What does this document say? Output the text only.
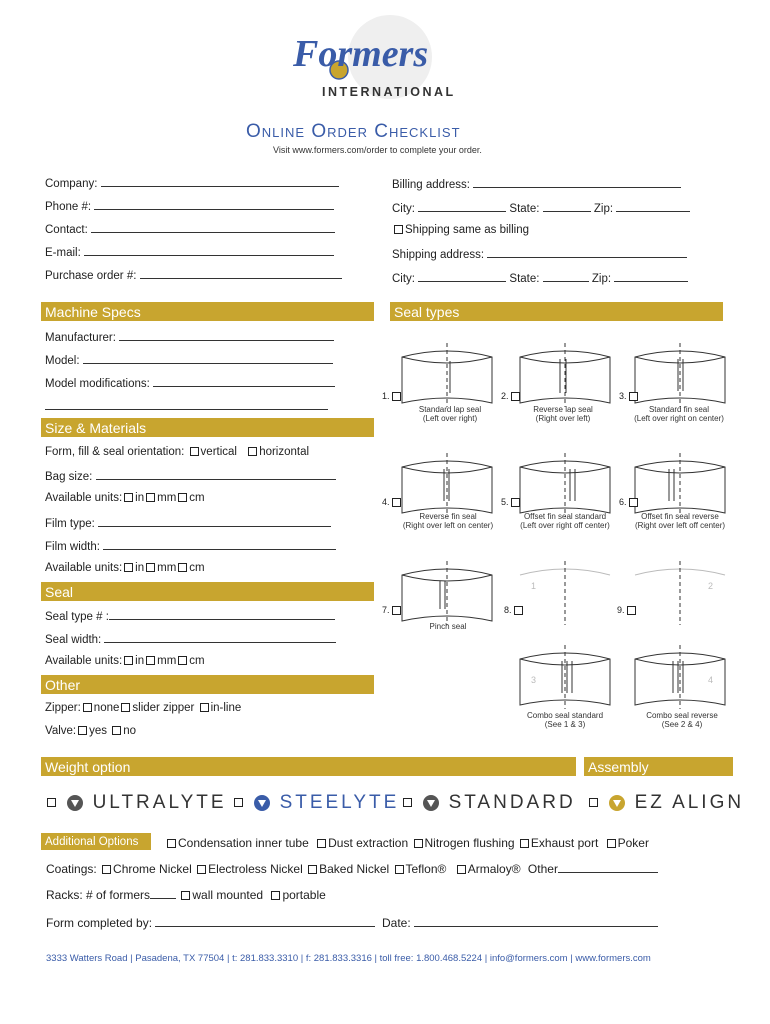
Formers
INTERNATIONAL
Online Order Checklist
Visit www.formers.com/order to complete your order.
Company:
Phone #:
Contact:
E-mail:
Purchase order #:
Billing address:
City:	State:	Zip:
Shipping same as billing
Shipping address:
City:	State:	Zip:
Machine Specs	Seal types
Manufacturer:
Model:
Model modifications:
Size & Materials
Form, fill & seal orientation: vertical horizontal
Bag size:
Available units: in mm cm
Film type:
Film width:
Available units: in mm cm
Seal
Seal type # :
Seal width:
Available units: in mm cm
Other
Zipper: none slider zipper in-line
Valve: yes no
1.	2.	3.
4.	5.	6.
7.	8.	9.
1	2
3	4
Standard lap seal
(Left over right)
Reverse lap seal
(Right over left)
Standard fin seal
(Left over right on center)
Reverse fin seal
(Right over left on center)
Offset fin seal standard
(Left over right off center)
Offset fin seal reverse
(Right over left off center)
Pinch seal
Combo seal standard
(See 1 & 3)
Combo seal reverse
(See 2 & 4)
Weight option	Assembly
ULTRALYTE	STEELYTE	STANDARD	EZ ALIGN
Additional Options	Condensation inner tube Dust extraction Nitrogen flushing Exhaust port Poker
Coatings: Chrome Nickel Electroless Nickel Baked Nickel Teflon® Armaloy® Other
Racks: # of formers	wall mounted portable
Form completed by:	Date:
3333 Watters Road | Pasadena, TX 77504 | t: 281.833.3310 | f: 281.833.3316 | toll free: 1.800.468.5224 | info@formers.com | www.formers.com
